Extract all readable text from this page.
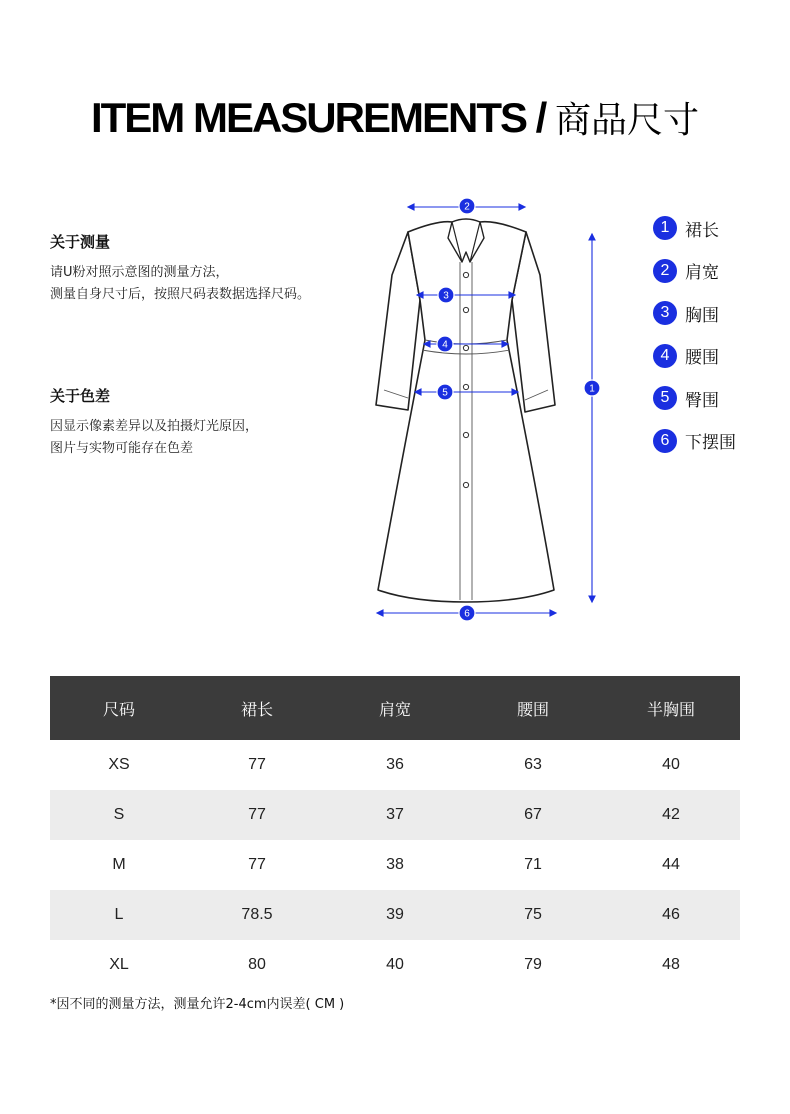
ITEM MEASUREMENTS / 商品尺寸
关于测量

请U粉对照示意图的测量方法，

测量自身尺寸后，按照尺码表数据选择尺码。

关于色差

因显示像素差异以及拍摄灯光原因，

图片与实物可能存在色差

2
3
4
5	1
6
1 裙长
2 肩宽
3 胸围
4 腰围
5 臀围
6 下摆围
尺码	裙长	肩宽	腰围	半胸围
XS	77	36	63	40
S	77	37	67	42
M	77	38	71	44
L	78.5	39	75	46
XL	80	40	79	48
*因不同的测量方法，测量允许2-4cm内误差( CM )
